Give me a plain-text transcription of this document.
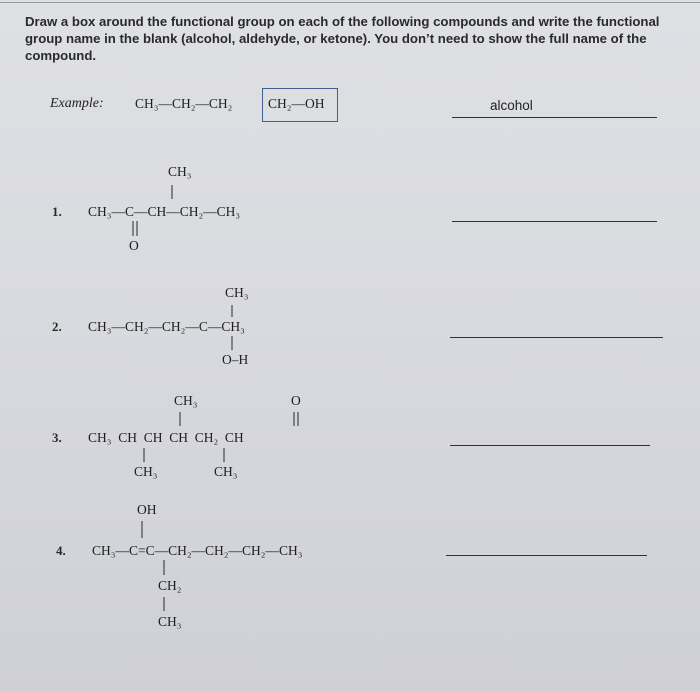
Draw a box around the functional group on each of the following compounds and write the functional group name in the blank (alcohol, aldehyde, or ketone). You don’t need to show the full name of the compound.
Example: CH₃—CH₂—CH₂	CH₂—OH	alcohol
1.
CH₃
CH₃—C—CH—CH₂—CH₃
O
2.
CH₃
CH₃—CH₂—CH₂—C—CH₃
O–H
3.
CH₃	O
CH₃  CH  CH  CH  CH₂  CH
CH₃	CH₃
4.
OH
CH₃—C=C—CH₂—CH₂—CH₂—CH₃
CH₂
CH₃
